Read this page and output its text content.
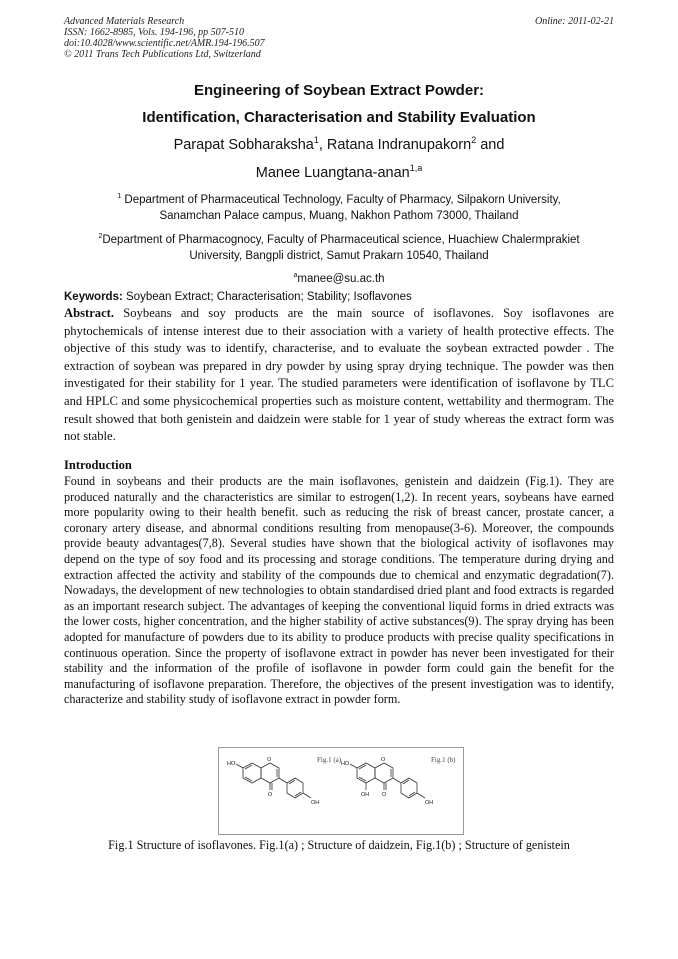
Advanced Materials Research
ISSN: 1662-8985, Vols. 194-196, pp 507-510
doi:10.4028/www.scientific.net/AMR.194-196.507
© 2011 Trans Tech Publications Ltd, Switzerland
Online: 2011-02-21
Engineering of Soybean Extract Powder:
Identification, Characterisation and Stability Evaluation
Parapat Sobharaksha$^1$, Ratana Indranupakorn$^2$ and
Manee Luangtana-anan$^{1,a}$
$^1$ Department of Pharmaceutical Technology, Faculty of Pharmacy, Silpakorn University,
Sanamchan Palace campus, Muang, Nakhon Pathom 73000, Thailand
$^2$Department of Pharmacognocy, Faculty of Pharmaceutical science, Huachiew Chalermprakiet
University, Bangpli district, Samut Prakarn 10540, Thailand
$^a$manee@su.ac.th
Keywords: Soybean Extract; Characterisation; Stability; Isoflavones
Abstract. Soybeans and soy products are the main source of isoflavones. Soy isoflavones are phytochemicals of intense interest due to their association with a variety of health protective effects. The objective of this study was to identify, characterise, and to evaluate the soybean extracted powder . The extraction of soybean was prepared in dry powder by using spray drying technique. The powder was then investigated for their stability for 1 year. The studied parameters were identification of isoflavone by TLC and HPLC and some physicochemical properties such as moisture content, wettability and thermogram. The result showed that both genistein and daidzein were stable for 1 year of study whereas the extract form was not stable.
Introduction
Found in soybeans and their products are the main isoflavones, genistein and daidzein (Fig.1). They are produced naturally and the characteristics are similar to estrogen(1,2). In recent years, soybeans have earned more popularity owing to their health benefit. such as reducing the risk of breast cancer, prostate cancer, a coronary artery disease, and abnormal conditions resulting from menopause(3-6). Moreover, the compounds provide beauty advantages(7,8). Several studies have shown that the biological activity of isoflavones may depend on the type of soy food and its processing and storage conditions. The temperature during drying and extraction affected the activity and stability of the compounds due to chemical and enzymatic degradation(7). Nowadays, the development of new technologies to obtain standardised dried plant and food extracts is regarded as an important research subject. The advantages of keeping the conventional liquid forms in dried extracts was the lower costs, higher concentration, and the higher stability of active substances(9). The spray drying has been adopted for manufacture of powders due to its ability to produce products with precise quality specifications in continuous operation. Since the property of isoflavone extract in powder has never been investigated for their stability and the information of the profile of isoflavone in powder form could gain the benefit for the manufacturing of isoflavone preparation. Therefore, the objectives of the present investigation was to identify, characterize and stability study of isoflavone extract in powder form.
Fig.1 (a)	Fig.1 (b)
HO
O
O
OH
HO
O
O
OH
OH
Fig.1 Structure of isoflavones. Fig.1(a) ; Structure of daidzein, Fig.1(b) ; Structure of genistein
